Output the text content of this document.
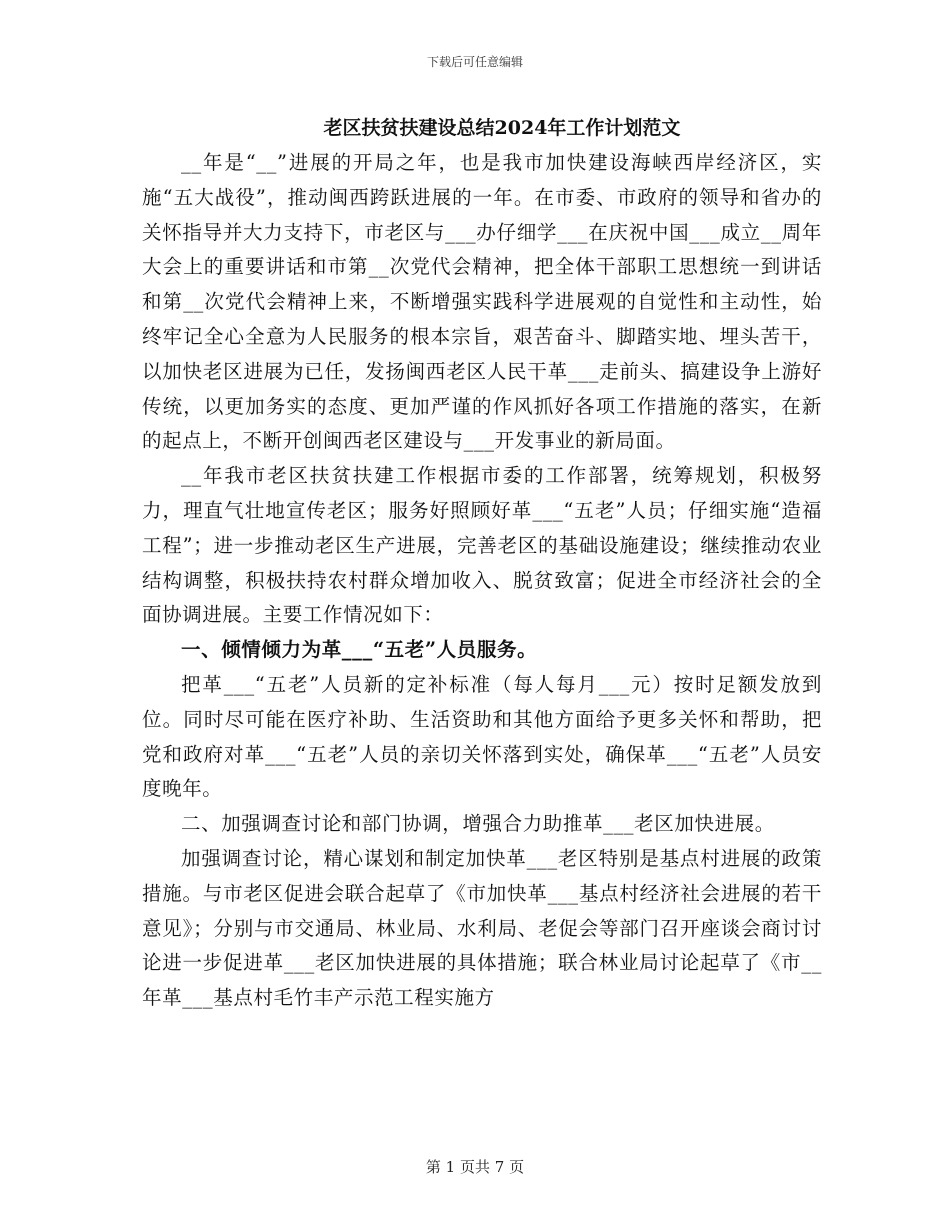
下载后可任意编辑
老区扶贫扶建设总结2024年工作计划范文

__年是“__”进展的开局之年，也是我市加快建设海峡西岸经济区，实施“五大战役”，推动闽西跨跃进展的一年。在市委、市政府的领导和省办的关怀指导并大力支持下，市老区与___办仔细学___在庆祝中国___成立__周年大会上的重要讲话和市第__次党代会精神，把全体干部职工思想统一到讲话和第__次党代会精神上来，不断增强实践科学进展观的自觉性和主动性，始终牢记全心全意为人民服务的根本宗旨，艰苦奋斗、脚踏实地、埋头苦干，以加快老区进展为已任，发扬闽西老区人民干革___走前头、搞建设争上游好传统，以更加务实的态度、更加严谨的作风抓好各项工作措施的落实，在新的起点上，不断开创闽西老区建设与___开发事业的新局面。

__年我市老区扶贫扶建工作根据市委的工作部署，统筹规划，积极努力，理直气壮地宣传老区；服务好照顾好革___“五老”人员；仔细实施“造福工程”；进一步推动老区生产进展，完善老区的基础设施建设；继续推动农业结构调整，积极扶持农村群众增加收入、脱贫致富；促进全市经济社会的全面协调进展。主要工作情况如下：

一、倾情倾力为革___“五老”人员服务。

把革___“五老”人员新的定补标准（每人每月___元）按时足额发放到位。同时尽可能在医疗补助、生活资助和其他方面给予更多关怀和帮助，把党和政府对革___“五老”人员的亲切关怀落到实处，确保革___“五老”人员安度晚年。

二、加强调查讨论和部门协调，增强合力助推革___老区加快进展。

加强调查讨论，精心谋划和制定加快革___老区特别是基点村进展的政策措施。与市老区促进会联合起草了《市加快革___基点村经济社会进展的若干意见》；分别与市交通局、林业局、水利局、老促会等部门召开座谈会商讨讨论进一步促进革___老区加快进展的具体措施；联合林业局讨论起草了《市__年革___基点村毛竹丰产示范工程实施方

第 1 页共 7 页
